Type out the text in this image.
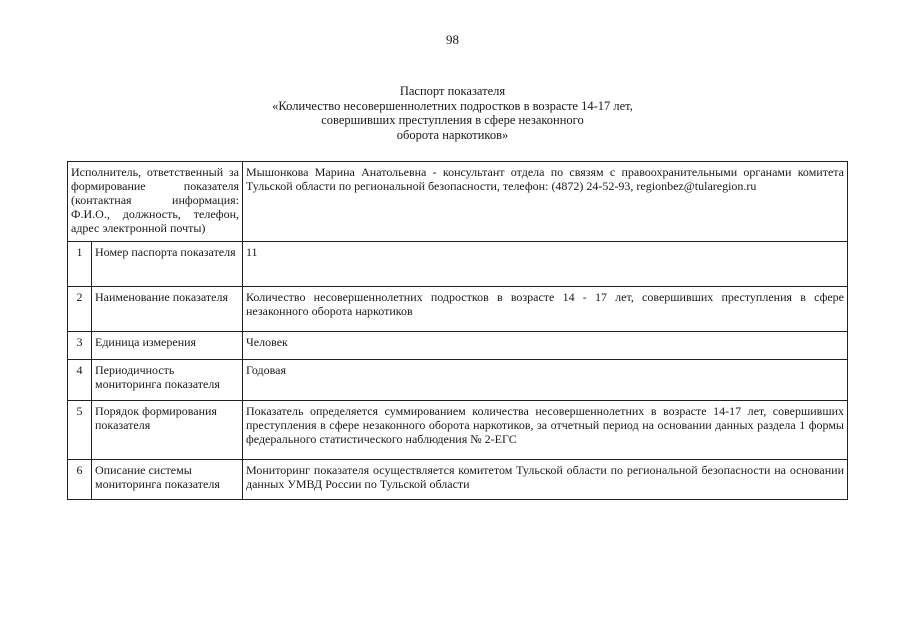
98
Паспорт показателя
«Количество несовершеннолетних подростков в возрасте 14-17 лет,
совершивших преступления в сфере незаконного
оборота наркотиков»
Исполнитель, ответственный за формирование показателя (контактная информация: Ф.И.О., должность, телефон, адрес электронной почты)		Мышонкова Марина Анатольевна - консультант отдела по связям с правоохранительными органами комитета Тульской области по региональной безопасности, телефон: (4872) 24-52-93, regionbez@tularegion.ru
1	Номер паспорта показателя	11
2	Наименование показателя	Количество несовершеннолетних подростков в возрасте 14 - 17 лет, совершивших преступления в сфере незаконного оборота наркотиков
3	Единица измерения	Человек
4	Периодичность мониторинга показателя	Годовая
5	Порядок формирования показателя	Показатель определяется суммированием количества несовершеннолетних в возрасте 14-17 лет, совершивших преступления в сфере незаконного оборота наркотиков, за отчетный период на основании данных раздела 1 формы федерального статистического наблюдения № 2-ЕГС
6	Описание системы мониторинга показателя	Мониторинг показателя осуществляется комитетом Тульской области по региональной безопасности на основании данных УМВД России по Тульской области
